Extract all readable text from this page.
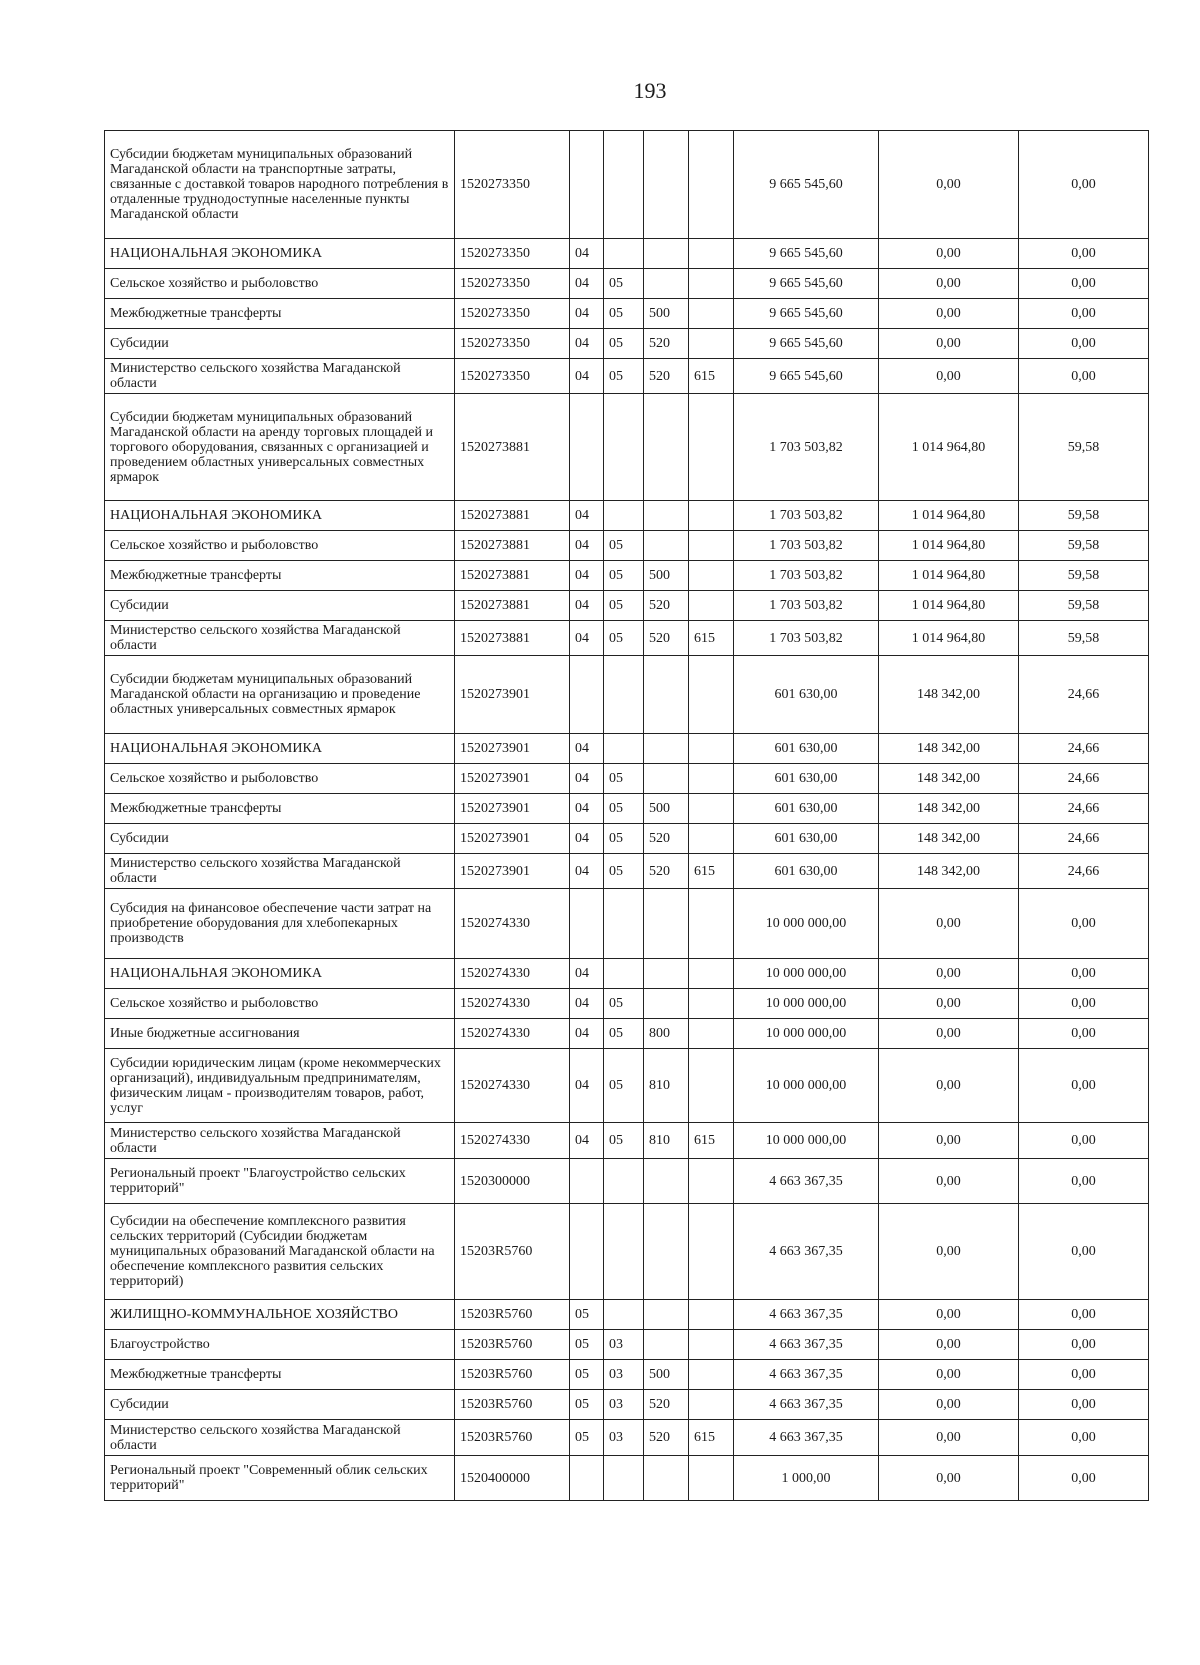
193
Субсидии бюджетам муниципальных образований Магаданской области на транспортные затраты, связанные с доставкой товаров народного потребления в отдаленные труднодоступные населенные пункты Магаданской области	1520273350					9 665 545,60	0,00	0,00
НАЦИОНАЛЬНАЯ ЭКОНОМИКА	1520273350	04				9 665 545,60	0,00	0,00
Сельское хозяйство и рыболовство	1520273350	04	05			9 665 545,60	0,00	0,00
Межбюджетные трансферты	1520273350	04	05	500		9 665 545,60	0,00	0,00
Субсидии	1520273350	04	05	520		9 665 545,60	0,00	0,00
Министерство сельского хозяйства Магаданской области	1520273350	04	05	520	615	9 665 545,60	0,00	0,00
Субсидии бюджетам муниципальных образований Магаданской области на аренду торговых площадей и торгового оборудования, связанных с организацией и проведением областных универсальных совместных ярмарок	1520273881					1 703 503,82	1 014 964,80	59,58
НАЦИОНАЛЬНАЯ ЭКОНОМИКА	1520273881	04				1 703 503,82	1 014 964,80	59,58
Сельское хозяйство и рыболовство	1520273881	04	05			1 703 503,82	1 014 964,80	59,58
Межбюджетные трансферты	1520273881	04	05	500		1 703 503,82	1 014 964,80	59,58
Субсидии	1520273881	04	05	520		1 703 503,82	1 014 964,80	59,58
Министерство сельского хозяйства Магаданской области	1520273881	04	05	520	615	1 703 503,82	1 014 964,80	59,58
Субсидии бюджетам муниципальных образований Магаданской области на организацию и проведение областных универсальных совместных ярмарок	1520273901					601 630,00	148 342,00	24,66
НАЦИОНАЛЬНАЯ ЭКОНОМИКА	1520273901	04				601 630,00	148 342,00	24,66
Сельское хозяйство и рыболовство	1520273901	04	05			601 630,00	148 342,00	24,66
Межбюджетные трансферты	1520273901	04	05	500		601 630,00	148 342,00	24,66
Субсидии	1520273901	04	05	520		601 630,00	148 342,00	24,66
Министерство сельского хозяйства Магаданской области	1520273901	04	05	520	615	601 630,00	148 342,00	24,66
Субсидия на финансовое обеспечение части затрат на приобретение оборудования для хлебопекарных производств	1520274330					10 000 000,00	0,00	0,00
НАЦИОНАЛЬНАЯ ЭКОНОМИКА	1520274330	04				10 000 000,00	0,00	0,00
Сельское хозяйство и рыболовство	1520274330	04	05			10 000 000,00	0,00	0,00
Иные бюджетные ассигнования	1520274330	04	05	800		10 000 000,00	0,00	0,00
Субсидии юридическим лицам (кроме некоммерческих организаций), индивидуальным предпринимателям, физическим лицам - производителям товаров, работ, услуг	1520274330	04	05	810		10 000 000,00	0,00	0,00
Министерство сельского хозяйства Магаданской области	1520274330	04	05	810	615	10 000 000,00	0,00	0,00
Региональный проект "Благоустройство сельских территорий"	1520300000					4 663 367,35	0,00	0,00
Субсидии на обеспечение комплексного развития сельских территорий (Субсидии бюджетам муниципальных образований Магаданской области на обеспечение комплексного развития сельских территорий)	15203R5760					4 663 367,35	0,00	0,00
ЖИЛИЩНО-КОММУНАЛЬНОЕ ХОЗЯЙСТВО	15203R5760	05				4 663 367,35	0,00	0,00
Благоустройство	15203R5760	05	03			4 663 367,35	0,00	0,00
Межбюджетные трансферты	15203R5760	05	03	500		4 663 367,35	0,00	0,00
Субсидии	15203R5760	05	03	520		4 663 367,35	0,00	0,00
Министерство сельского хозяйства Магаданской области	15203R5760	05	03	520	615	4 663 367,35	0,00	0,00
Региональный проект "Современный облик сельских территорий"	1520400000					1 000,00	0,00	0,00
